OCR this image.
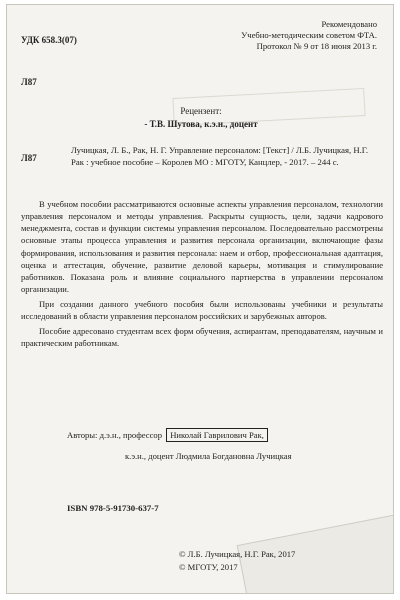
УДК 658.3(07)
Рекомендовано
Учебно-методическим советом ФТА.
Протокол № 9 от 18 июня 2013 г.
Л87
Рецензент:
- Т.В. Шутова, к.э.н., доцент
Л87
Лучицкая, Л. Б., Рак, Н. Г. Управление персоналом: [Текст] / Л.Б. Лучицкая, Н.Г. Рак : учебное пособие – Королев МО : МГОТУ, Канцлер, - 2017. – 244 с.

В учебном пособии рассматриваются основные аспекты управления персоналом, технологии управления персоналом и методы управления. Раскрыты сущность, цели, задачи кадрового менеджмента, состав и функции системы управления персоналом. Последовательно рассмотрены основные этапы процесса управления и развития персонала организации, включающие фазы формирования, использования и развития персонала: наем и отбор, профессиональная адаптация, оценка и аттестация, обучение, развитие деловой карьеры, мотивация и стимулирование работников. Показана роль и влияние социального партнерства в управлении персоналом организации.

При создании данного учебного пособия были использованы учебники и результаты исследований в области управления персоналом российских и зарубежных авторов.

Пособие адресовано студентам всех форм обучения, аспирантам, преподавателям, научным и практическим работникам.

Авторы: д.э.н., профессор Николай Гаврилович Рак,
к.э.н., доцент Людмила Богдановна Лучицкая
ISBN 978-5-91730-637-7
© Л.Б. Лучицкая, Н.Г. Рак, 2017
© МГОТУ, 2017
